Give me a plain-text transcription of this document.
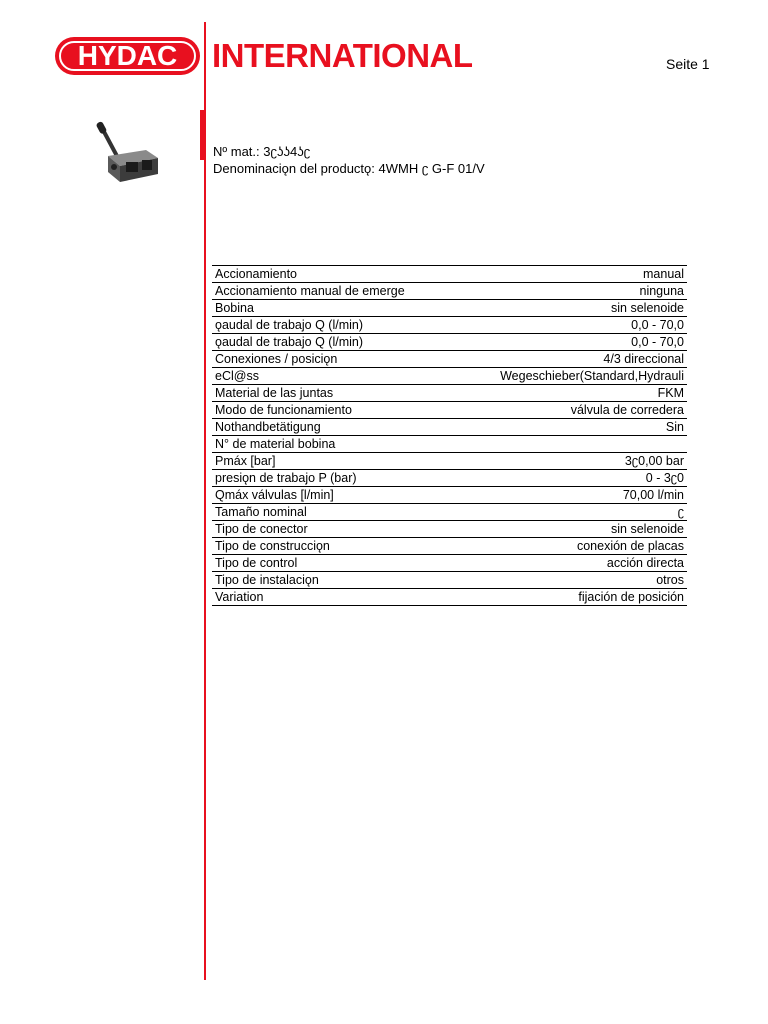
HYDAC	INTERNATIONAL	Seite 1
Nº mat.: 3ʗʖʖ4ʖʗ
Denominaciǫn del productǫ: 4WMH ʗ G-F 01/V
Accionamiento	manual
Accionamiento manual de emerge	ninguna
Bobina	sin selenoide
ǫaudal de trabajo Q (l/min)	0,0 - 70,0
ǫaudal de trabajo Q (l/min)	0,0 - 70,0
Conexiones / posiciǫn	4/3 direccional
eCl@ss	Wegeschieber(Standard,Hydrauli
Material de las juntas	FKM
Modo de funcionamiento	válvula de corredera
Nothandbetätigung	Sin
N° de material bobina	
Pmáx [bar]	3ʗ0,00 bar
presiǫn de trabajo P (bar)	0 - 3ʗ0
Qmáx válvulas [l/min]	70,00 l/min
Tamaño nominal	ʗ
Tipo de conector	sin selenoide
Tipo de construcciǫn	conexión de placas
Tipo de control	acción directa
Tipo de instalaciǫn	otros
Variation	fijación de posición
